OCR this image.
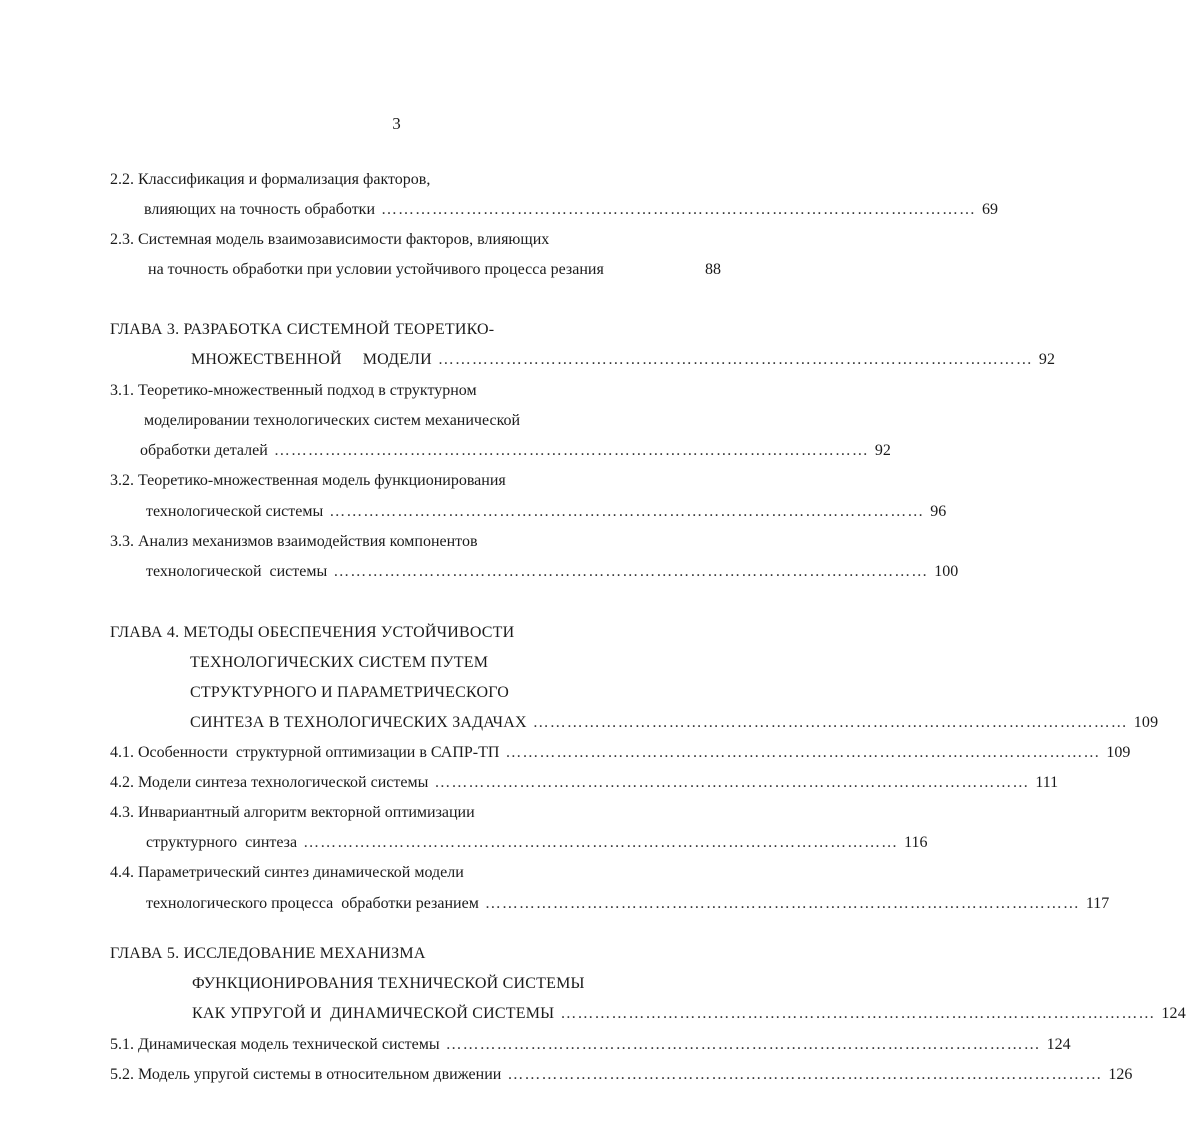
3
2.2. Классификация и формализация факторов,
влияющих на точность обработки …………………………………………………………………………………………… 69
2.3. Системная модель взаимозависимости факторов, влияющих
на точность обработки при условии устойчивого процесса резания	88
ГЛАВА 3. РАЗРАБОТКА СИСТЕМНОЙ ТЕОРЕТИКО-
МНОЖЕСТВЕННОЙ     МОДЕЛИ …………………………………………………………………………………………… 92
3.1. Теоретико-множественный подход в структурном
моделировании технологических систем механической
обработки деталей …………………………………………………………………………………………… 92
3.2. Теоретико-множественная модель функционирования
технологической системы …………………………………………………………………………………………… 96
3.3. Анализ механизмов взаимодействия компонентов
технологической  системы …………………………………………………………………………………………… 100
ГЛАВА 4. МЕТОДЫ ОБЕСПЕЧЕНИЯ УСТОЙЧИВОСТИ
ТЕХНОЛОГИЧЕСКИХ СИСТЕМ ПУТЕМ
СТРУКТУРНОГО И ПАРАМЕТРИЧЕСКОГО
СИНТЕЗА В ТЕХНОЛОГИЧЕСКИХ ЗАДАЧАХ …………………………………………………………………………………………… 109
4.1. Особенности  структурной оптимизации в САПР-ТП …………………………………………………………………………………………… 109
4.2. Модели синтеза технологической системы …………………………………………………………………………………………… 111
4.3. Инвариантный алгоритм векторной оптимизации
структурного  синтеза …………………………………………………………………………………………… 116
4.4. Параметрический синтез динамической модели
технологического процесса  обработки резанием …………………………………………………………………………………………… 117
ГЛАВА 5. ИССЛЕДОВАНИЕ МЕХАНИЗМА
ФУНКЦИОНИРОВАНИЯ ТЕХНИЧЕСКОЙ СИСТЕМЫ
КАК УПРУГОЙ И  ДИНАМИЧЕСКОЙ СИСТЕМЫ …………………………………………………………………………………………… 124
5.1. Динамическая модель технической системы …………………………………………………………………………………………… 124
5.2. Модель упругой системы в относительном движении …………………………………………………………………………………………… 126
